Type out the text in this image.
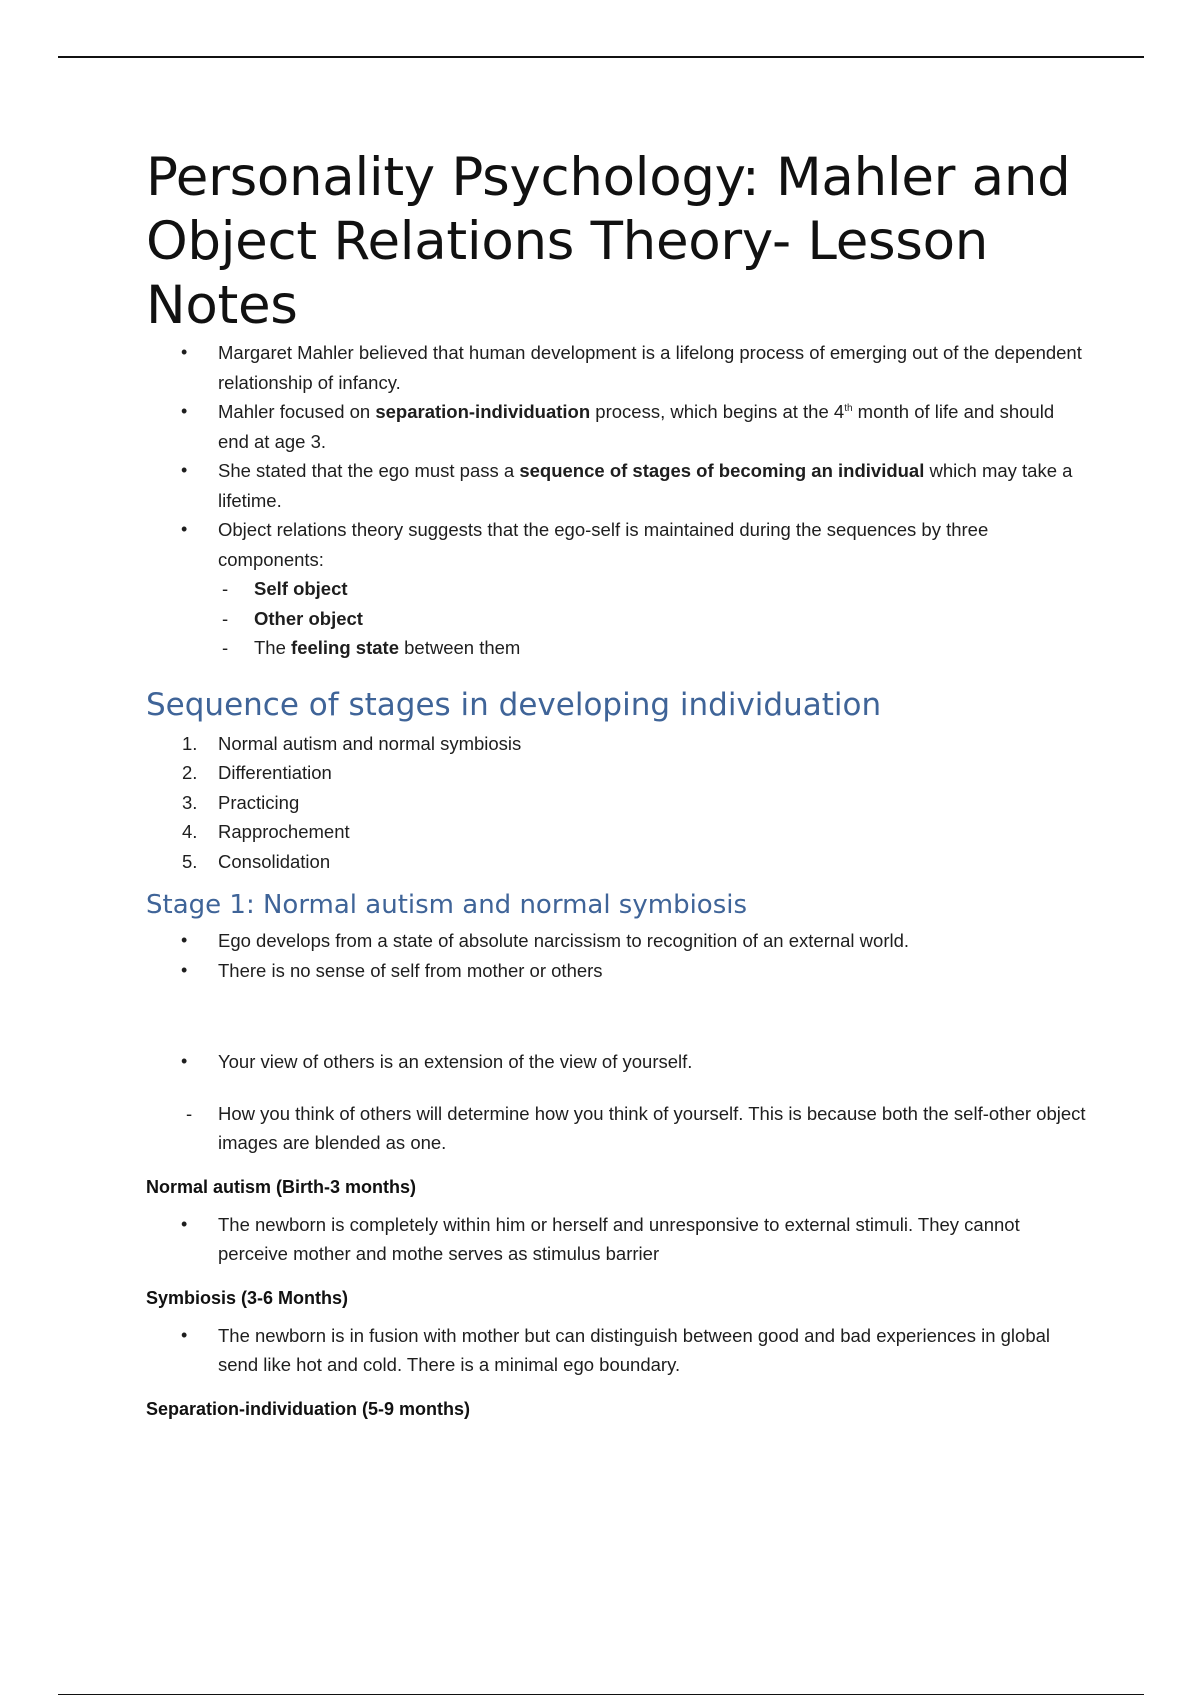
Personality Psychology: Mahler and Object Relations Theory- Lesson Notes
• Margaret Mahler believed that human development is a lifelong process of emerging out of the dependent relationship of infancy.
• Mahler focused on separation-individuation process, which begins at the 4th month of life and should end at age 3.
• She stated that the ego must pass a sequence of stages of becoming an individual which may take a lifetime.
• Object relations theory suggests that the ego-self is maintained during the sequences by three components:
- Self object
- Other object
- The feeling state between them
Sequence of stages in developing individuation
1. Normal autism and normal symbiosis
2. Differentiation
3. Practicing
4. Rapprochement
5. Consolidation
Stage 1: Normal autism and normal symbiosis
• Ego develops from a state of absolute narcissism to recognition of an external world.
• There is no sense of self from mother or others
• Your view of others is an extension of the view of yourself.
- How you think of others will determine how you think of yourself. This is because both the self-other object images are blended as one.
Normal autism (Birth-3 months)
• The newborn is completely within him or herself and unresponsive to external stimuli. They cannot perceive mother and mothe serves as stimulus barrier
Symbiosis (3-6 Months)
• The newborn is in fusion with mother but can distinguish between good and bad experiences in global send like hot and cold. There is a minimal ego boundary.
Separation-individuation (5-9 months)
